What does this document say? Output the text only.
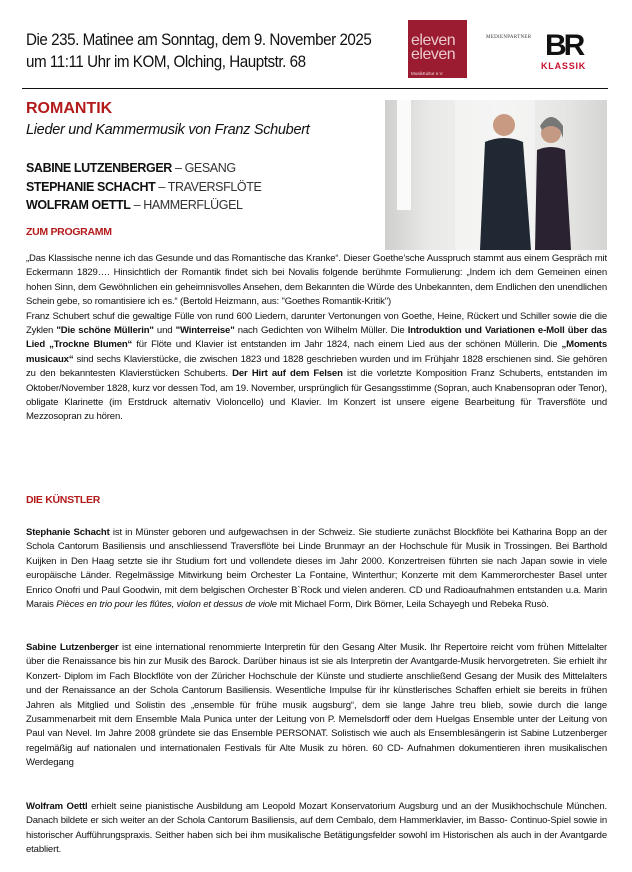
Die 235. Matinee am Sonntag, dem 9. November 2025
um 11:11 Uhr im KOM, Olching, Hauptstr. 68
eleven
eleven
MusikKultur e.V.
MEDIENPARTNER BR
KLASSIK
ROMANTIK
Lieder und Kammermusik von Franz Schubert
SABINE LUTZENBERGER – GESANG
STEPHANIE SCHACHT – TRAVERSFLÖTE
WOLFRAM OETTL – HAMMERFLÜGEL
ZUM PROGRAMM
„Das Klassische nenne ich das Gesunde und das Romantische das Kranke“. Dieser Goethe’sche Ausspruch stammt aus einem Gespräch mit Eckermann 1829…. Hinsichtlich der Romantik findet sich bei Novalis folgende berühmte Formulierung: „Indem ich dem Gemeinen einen hohen Sinn, dem Gewöhnlichen ein geheimnisvolles Ansehen, dem Bekannten die Würde des Unbekannten, dem Endlichen den unendlichen Schein gebe, so romantisiere ich es.“ (Bertold Heizmann, aus: "Goethes Romantik-Kritik")
Franz Schubert schuf die gewaltige Fülle von rund 600 Liedern, darunter Vertonungen von Goethe, Heine, Rückert und Schiller sowie die die Zyklen "Die schöne Müllerin" und "Winterreise" nach Gedichten von Wilhelm Müller. Die Introduktion und Variationen e-Moll über das Lied „Trockne Blumen“ für Flöte und Klavier ist entstanden im Jahr 1824, nach einem Lied aus der schönen Müllerin. Die „Moments musicaux“ sind sechs Klavierstücke, die zwischen 1823 und 1828 geschrieben wurden und im Frühjahr 1828 erschienen sind. Sie gehören zu den bekanntesten Klavierstücken Schuberts. Der Hirt auf dem Felsen ist die vorletzte Komposition Franz Schuberts, entstanden im Oktober/November 1828, kurz vor dessen Tod, am 19. November, ursprünglich für Gesangsstimme (Sopran, auch Knabensopran oder Tenor), obligate Klarinette (im Erstdruck alternativ Violoncello) und Klavier. Im Konzert ist unsere eigene Bearbeitung für Traversflöte und Mezzosopran zu hören.
DIE KÜNSTLER
Stephanie Schacht ist in Münster geboren und aufgewachsen in der Schweiz. Sie studierte zunächst Blockflöte bei Katharina Bopp an der Schola Cantorum Basiliensis und anschliessend Traversflöte bei Linde Brunmayr an der Hochschule für Musik in Trossingen. Bei Barthold Kuijken in Den Haag setzte sie ihr Studium fort und vollendete dieses im Jahr 2000. Konzertreisen führten sie nach Japan sowie in viele europäische Länder. Regelmässige Mitwirkung beim Orchester La Fontaine, Winterthur; Konzerte mit dem Kammerorchester Basel unter Enrico Onofri und Paul Goodwin, mit dem belgischen Orchester B`Rock und vielen anderen. CD und Radioaufnahmen entstanden u.a. Marin Marais Pièces en trio pour les flûtes, violon et dessus de viole mit Michael Form, Dirk Börner, Leila Schayegh und Rebeka Rusò.
Sabine Lutzenberger ist eine international renommierte Interpretin für den Gesang Alter Musik. Ihr Repertoire reicht vom frühen Mittelalter über die Renaissance bis hin zur Musik des Barock. Darüber hinaus ist sie als Interpretin der Avantgarde-Musik hervorgetreten. Sie erhielt ihr Konzert- Diplom im Fach Blockflöte von der Züricher Hochschule der Künste und studierte anschließend Gesang der Musik des Mittelalters und der Renaissance an der Schola Cantorum Basiliensis. Wesentliche Impulse für ihr künstlerisches Schaffen erhielt sie bereits in frühen Jahren als Mitglied und Solistin des „ensemble für frühe musik augsburg“, dem sie lange Jahre treu blieb, sowie durch die lange Zusammenarbeit mit dem Ensemble Mala Punica unter der Leitung von P. Memelsdorff oder dem Huelgas Ensemble unter der Leitung von Paul van Nevel. Im Jahre 2008 gründete sie das Ensemble PERSONAT. Solistisch wie auch als Ensemblesängerin ist Sabine Lutzenberger regelmäßig auf nationalen und internationalen Festivals für Alte Musik zu hören. 60 CD- Aufnahmen dokumentieren ihren musikalischen Werdegang
Wolfram Oettl erhielt seine pianistische Ausbildung am Leopold Mozart Konservatorium Augsburg und an der Musikhochschule München. Danach bildete er sich weiter an der Schola Cantorum Basiliensis, auf dem Cembalo, dem Hammerklavier, im Basso- Continuo-Spiel sowie in historischer Aufführungspraxis. Seither haben sich bei ihm musikalische Betätigungsfelder sowohl im Historischen als auch in der Avantgarde etabliert.
